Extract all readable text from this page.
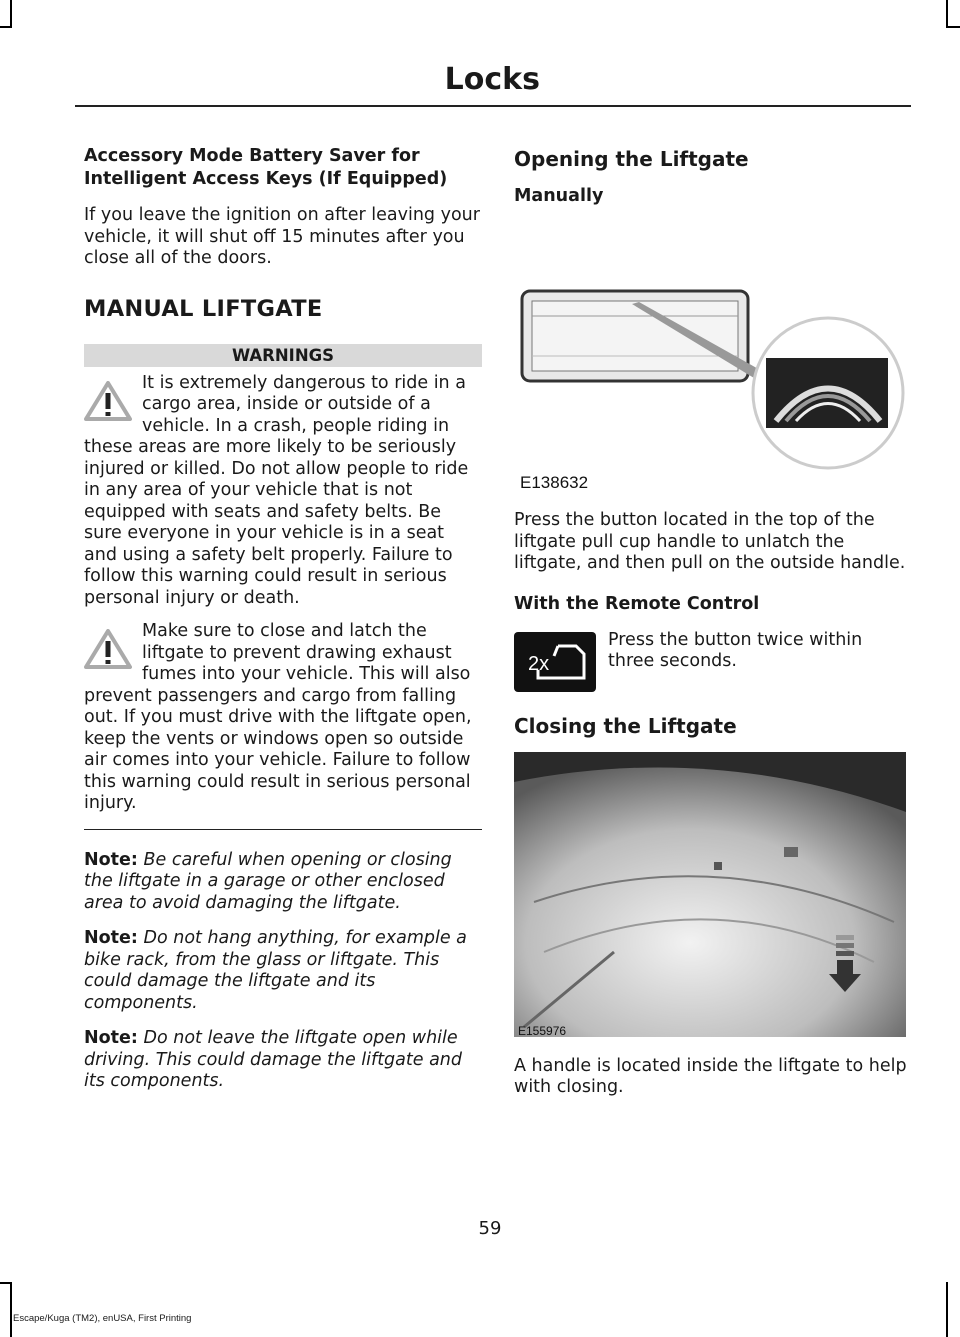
Locks
Accessory Mode Battery Saver for Intelligent Access Keys (If Equipped)

If you leave the ignition on after leaving your vehicle, it will shut off 15 minutes after you close all of the doors.

MANUAL LIFTGATE
WARNINGS
It is extremely dangerous to ride in a cargo area, inside or outside of a vehicle. In a crash, people riding in these areas are more likely to be seriously injured or killed. Do not allow people to ride in any area of your vehicle that is not equipped with seats and safety belts. Be sure everyone in your vehicle is in a seat and using a safety belt properly. Failure to follow this warning could result in serious personal injury or death.
Make sure to close and latch the liftgate to prevent drawing exhaust fumes into your vehicle. This will also prevent passengers and cargo from falling out. If you must drive with the liftgate open, keep the vents or windows open so outside air comes into your vehicle. Failure to follow this warning could result in serious personal injury.
Note: Be careful when opening or closing the liftgate in a garage or other enclosed area to avoid damaging the liftgate.
Note: Do not hang anything, for example a bike rack, from the glass or liftgate. This could damage the liftgate and its components.
Note: Do not leave the liftgate open while driving. This could damage the liftgate and its components.
Opening the Liftgate
Manually
E138632

Press the button located in the top of the liftgate pull cup handle to unlatch the liftgate, and then pull on the outside handle.

With the Remote Control
2x
Press the button twice within three seconds.
Closing the Liftgate
E155976

A handle is located inside the liftgate to help with closing.

59
Escape/Kuga (TM2), enUSA, First Printing
